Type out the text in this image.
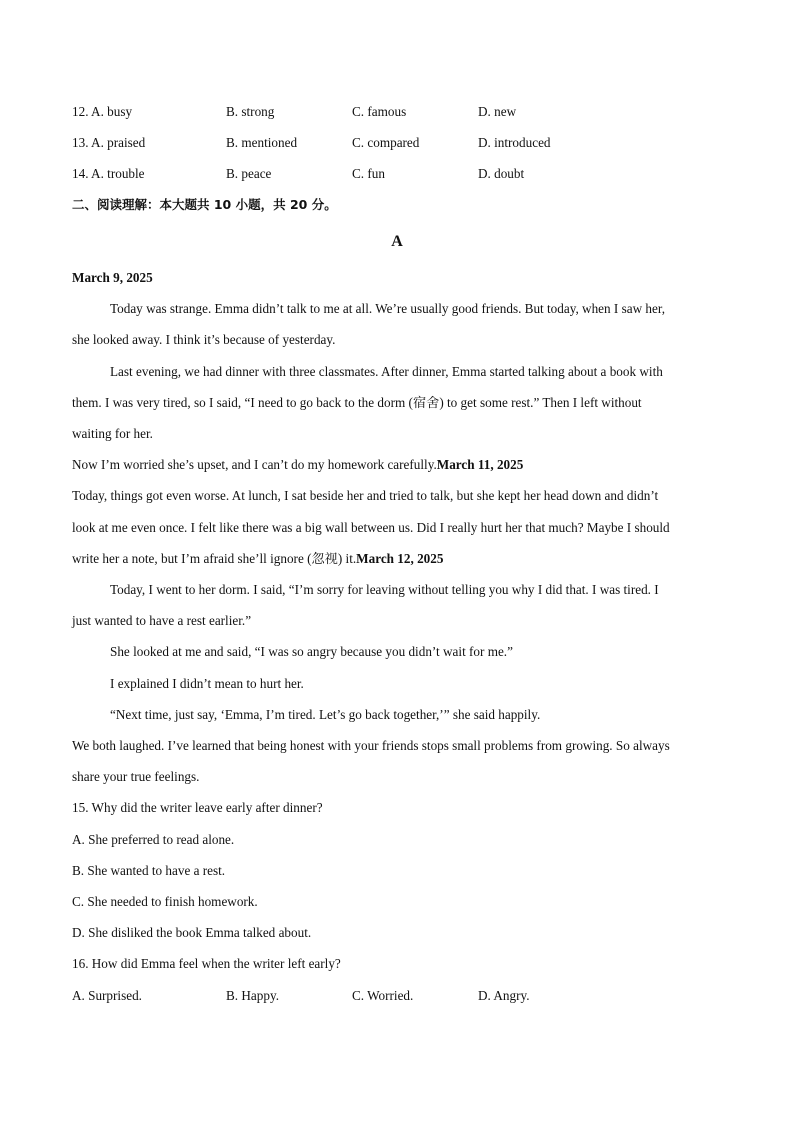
12. A. busy	B. strong	C. famous	D. new
13. A. praised	B. mentioned	C. compared	D. introduced
14. A. trouble	B. peace	C. fun	D. doubt
二、阅读理解：本大题共 10 小题，共 20 分。
A
March 9, 2025
Today was strange. Emma didn’t talk to me at all. We’re usually good friends. But today, when I saw her,
she looked away. I think it’s because of yesterday.
Last evening, we had dinner with three classmates. After dinner, Emma started talking about a book with
them. I was very tired, so I said, “I need to go back to the dorm (宿舍) to get some rest.” Then I left without
waiting for her.
Now I’m worried she’s upset, and I can’t do my homework carefully.March 11, 2025
Today, things got even worse. At lunch, I sat beside her and tried to talk, but she kept her head down and didn’t
look at me even once. I felt like there was a big wall between us. Did I really hurt her that much? Maybe I should
write her a note, but I’m afraid she’ll ignore (忽视) it.March 12, 2025
Today, I went to her dorm. I said, “I’m sorry for leaving without telling you why I did that. I was tired. I
just wanted to have a rest earlier.”
She looked at me and said, “I was so angry because you didn’t wait for me.”
I explained I didn’t mean to hurt her.
“Next time, just say, ‘Emma, I’m tired. Let’s go back together,’” she said happily.
We both laughed. I’ve learned that being honest with your friends stops small problems from growing. So always
share your true feelings.
15. Why did the writer leave early after dinner?
A. She preferred to read alone.
B. She wanted to have a rest.
C. She needed to finish homework.
D. She disliked the book Emma talked about.
16. How did Emma feel when the writer left early?
A. Surprised.	B. Happy.	C. Worried.	D. Angry.
